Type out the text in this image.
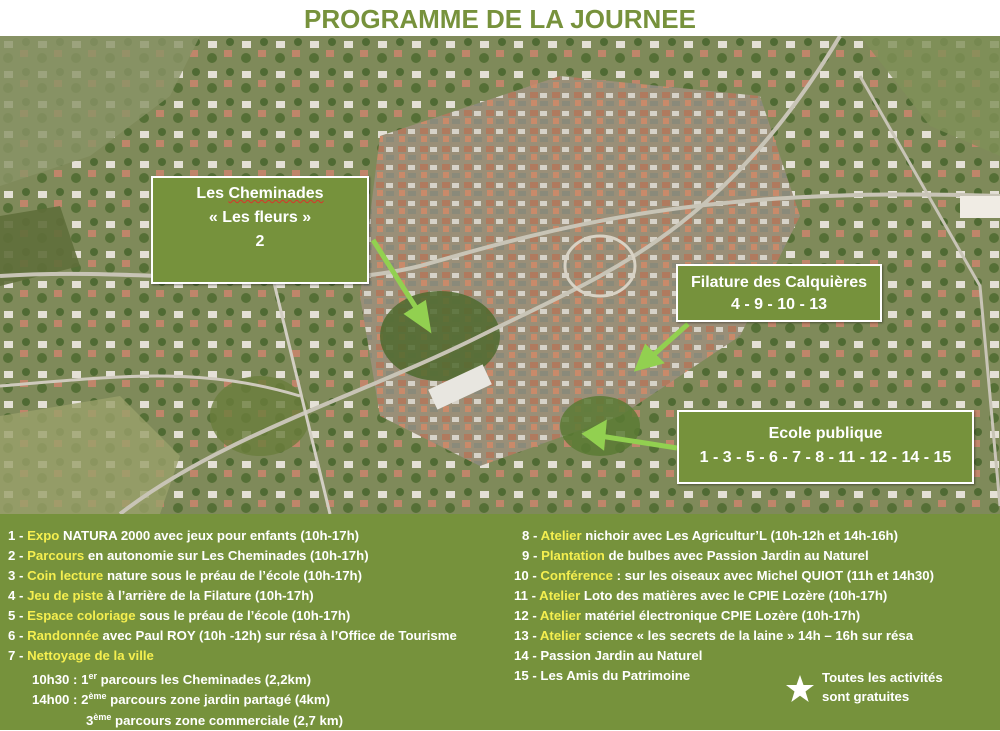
PROGRAMME DE LA JOURNEE
Les Cheminades
« Les fleurs »
2
Filature des Calquières
4 - 9 - 10 - 13
Ecole publique
1 - 3 - 5 - 6 - 7 - 8 - 11 - 12 - 14 - 15
1 - Expo NATURA 2000 avec jeux pour enfants (10h-17h)
2 - Parcours en autonomie sur Les Cheminades (10h-17h)
3 - Coin lecture nature sous le préau de l’école (10h-17h)
4 - Jeu de piste à l’arrière de la Filature (10h-17h)
5 - Espace coloriage sous le préau de l’école (10h-17h)
6 - Randonnée avec Paul ROY (10h -12h) sur résa à l’Office de Tourisme
7 - Nettoyage de la ville
10h30 : 1er parcours les Cheminades (2,2km)
14h00 : 2ème parcours zone jardin partagé (4km)
3ème parcours zone commerciale (2,7 km)
8 - Atelier nichoir avec Les Agricultur’L (10h-12h et 14h-16h)
9 - Plantation de bulbes avec Passion Jardin au Naturel
10 - Conférence : sur les oiseaux avec Michel QUIOT (11h et 14h30)
11 - Atelier Loto des matières avec le CPIE Lozère (10h-17h)
12 - Atelier matériel électronique CPIE Lozère (10h-17h)
13 - Atelier science « les secrets de la laine » 14h – 16h sur résa
14 - Passion Jardin au Naturel
15 - Les Amis du Patrimoine	Toutes les activités
sont gratuites
